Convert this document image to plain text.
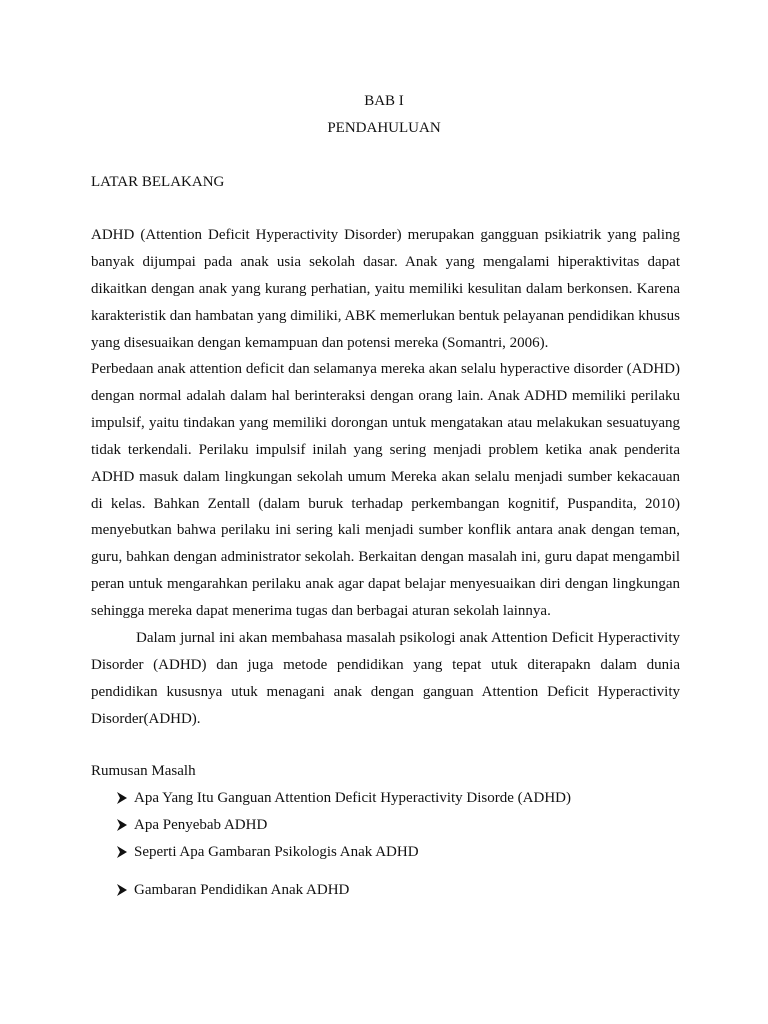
BAB I
PENDAHULUAN
LATAR BELAKANG

ADHD (Attention Deficit Hyperactivity Disorder) merupakan gangguan psikiatrik yang paling banyak dijumpai pada anak usia sekolah dasar. Anak yang mengalami hiperaktivitas dapat dikaitkan dengan anak yang kurang perhatian, yaitu memiliki kesulitan dalam berkonsen. Karena karakteristik dan hambatan yang dimiliki, ABK memerlukan bentuk pelayanan pendidikan khusus yang disesuaikan dengan kemampuan dan potensi mereka (Somantri, 2006).

Perbedaan anak attention deficit dan selamanya mereka akan selalu hyperactive disorder (ADHD) dengan normal adalah dalam hal berinteraksi dengan orang lain. Anak ADHD memiliki perilaku impulsif, yaitu tindakan yang memiliki dorongan untuk mengatakan atau melakukan sesuatuyang tidak terkendali. Perilaku impulsif inilah yang sering menjadi problem ketika anak penderita ADHD masuk dalam lingkungan sekolah umum Mereka akan selalu menjadi sumber kekacauan di kelas. Bahkan Zentall (dalam buruk terhadap perkembangan kognitif, Puspandita, 2010) menyebutkan bahwa perilaku ini sering kali menjadi sumber konflik antara anak dengan teman, guru, bahkan dengan administrator sekolah. Berkaitan dengan masalah ini, guru dapat mengambil peran untuk mengarahkan perilaku anak agar dapat belajar menyesuaikan diri dengan lingkungan sehingga mereka dapat menerima tugas dan berbagai aturan sekolah lainnya.

Dalam jurnal ini akan membahasa masalah psikologi anak Attention Deficit Hyperactivity Disorder (ADHD) dan juga metode pendidikan yang tepat utuk diterapakn dalam dunia pendidikan kususnya utuk menagani anak dengan ganguan Attention Deficit Hyperactivity Disorder(ADHD).

Rumusan Masalh
Apa Yang Itu Ganguan Attention Deficit Hyperactivity Disorde (ADHD)
Apa Penyebab ADHD
Seperti Apa Gambaran Psikologis Anak ADHD
Gambaran Pendidikan Anak ADHD
